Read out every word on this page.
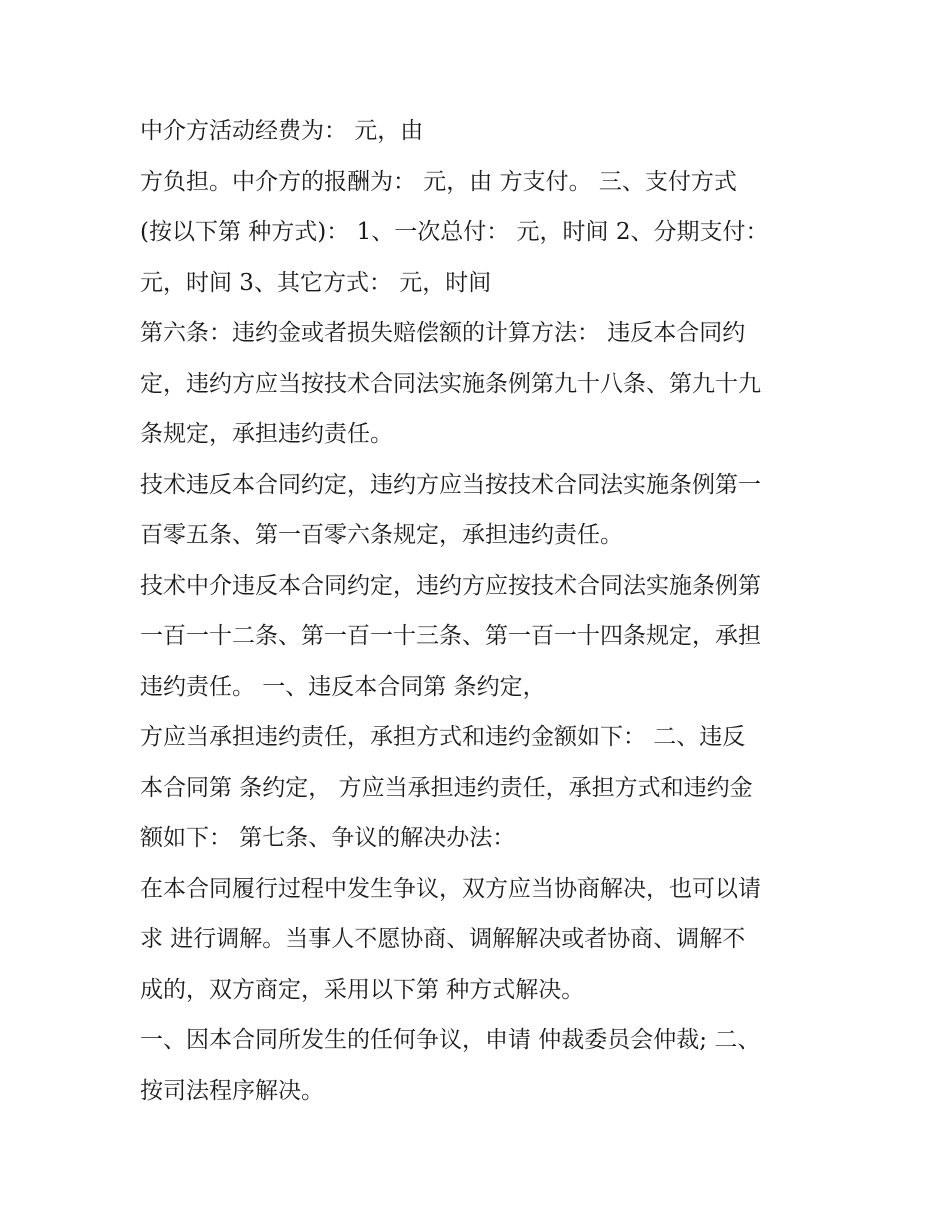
中介方活动经费为： 元，由
方负担。中介方的报酬为： 元，由 方支付。 三、支付方式
(按以下第 种方式)： 1、一次总付： 元，时间 2、分期支付：
元，时间 3、其它方式： 元，时间
第六条：违约金或者损失赔偿额的计算方法： 违反本合同约
定，违约方应当按技术合同法实施条例第九十八条、第九十九
条规定，承担违约责任。
技术违反本合同约定，违约方应当按技术合同法实施条例第一
百零五条、第一百零六条规定，承担违约责任。
技术中介违反本合同约定，违约方应按技术合同法实施条例第
一百一十二条、第一百一十三条、第一百一十四条规定，承担
违约责任。 一、违反本合同第 条约定，
方应当承担违约责任，承担方式和违约金额如下： 二、违反
本合同第 条约定， 方应当承担违约责任，承担方式和违约金
额如下： 第七条、争议的解决办法：
在本合同履行过程中发生争议，双方应当协商解决，也可以请
求 进行调解。当事人不愿协商、调解解决或者协商、调解不
成的，双方商定，采用以下第 种方式解决。
一、因本合同所发生的任何争议，申请 仲裁委员会仲裁; 二、
按司法程序解决。
